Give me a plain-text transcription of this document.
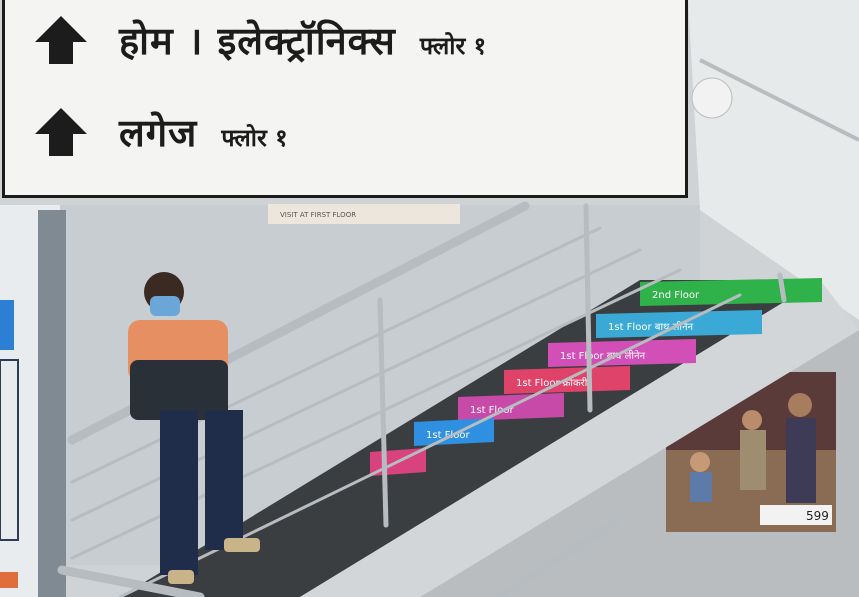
599
2nd Floor
1st Floor बाथ लीनेन
1st Floor बाथ लीनेन
1st Floor क्रोकरी
1st Floor
1st Floor
VISIT AT FIRST FLOOR
होम । इलेक्ट्रॉनिक्स फ्लोर १
लगेज फ्लोर १
